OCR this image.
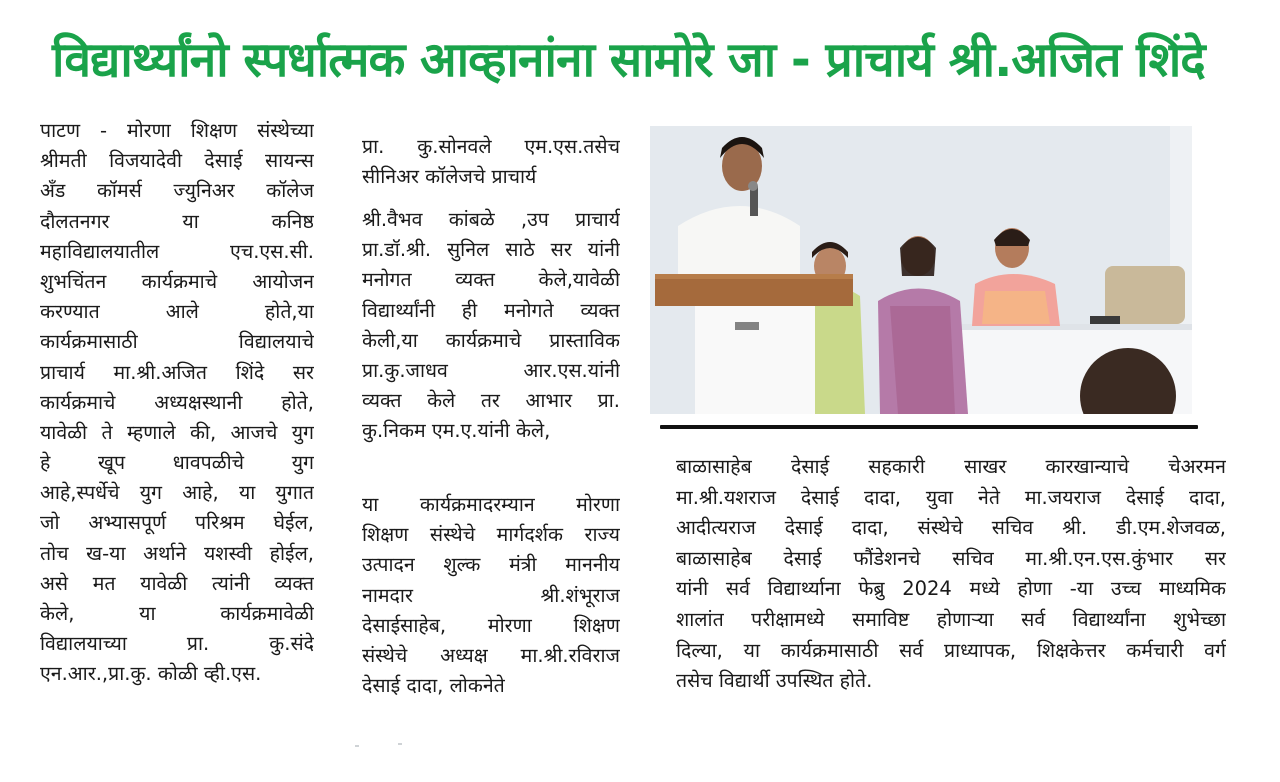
विद्यार्थ्यांनो स्पर्धात्मक आव्हानांना सामोरे जा - प्राचार्य श्री.अजित शिंदे
पाटण - मोरणा शिक्षण संस्थेच्या
श्रीमती विजयादेवी देसाई सायन्स
अँड कॉमर्स ज्युनिअर कॉलेज
दौलतनगर या कनिष्ठ
महाविद्यालयातील एच.एस.सी.
शुभचिंतन कार्यक्रमाचे आयोजन
करण्यात आले होते,या
कार्यक्रमासाठी विद्यालयाचे
प्राचार्य मा.श्री.अजित शिंदे सर
कार्यक्रमाचे अध्यक्षस्थानी होते,
यावेळी ते म्हणाले की, आजचे युग
हे खूप धावपळीचे युग
आहे,स्पर्धेचे युग आहे, या युगात
जो अभ्यासपूर्ण परिश्रम घेईल,
तोच ख-या अर्थाने यशस्वी होईल,
असे मत यावेळी त्यांनी व्यक्त
केले, या कार्यक्रमावेळी
विद्यालयाच्या प्रा. कु.संदे
एन.आर.,प्रा.कु. कोळी व्ही.एस.
प्रा. कु.सोनवले एम.एस.तसेच
सीनिअर कॉलेजचे प्राचार्य
श्री.वैभव कांबळे ,उप प्राचार्य
प्रा.डॉ.श्री. सुनिल साठे सर यांनी
मनोगत व्यक्त केले,यावेळी
विद्यार्थ्यांनी ही मनोगते व्यक्त
केली,या कार्यक्रमाचे प्रास्ताविक
प्रा.कु.जाधव आर.एस.यांनी
व्यक्त केले तर आभार प्रा.
कु.निकम एम.ए.यांनी केले,
या कार्यक्रमादरम्यान मोरणा
शिक्षण संस्थेचे मार्गदर्शक राज्य
उत्पादन शुल्क मंत्री माननीय
नामदार श्री.शंभूराज
देसाईसाहेब, मोरणा शिक्षण
संस्थेचे अध्यक्ष मा.श्री.रविराज
देसाई दादा, लोकनेते
बाळासाहेब देसाई सहकारी साखर कारखान्याचे चेअरमन
मा.श्री.यशराज देसाई दादा, युवा नेते मा.जयराज देसाई दादा,
आदीत्यराज देसाई दादा, संस्थेचे सचिव श्री. डी.एम.शेजवळ,
बाळासाहेब देसाई फौंडेशनचे सचिव मा.श्री.एन.एस.कुंभार सर
यांनी सर्व विद्यार्थ्याना फेब्रु 2024 मध्ये होणा -या उच्च माध्यमिक
शालांत परीक्षामध्ये समाविष्ट होणाऱ्या सर्व विद्यार्थ्यांना शुभेच्छा
दिल्या, या कार्यक्रमासाठी सर्व प्राध्यापक, शिक्षकेत्तर कर्मचारी वर्ग
तसेच विद्यार्थी उपस्थित होते.
